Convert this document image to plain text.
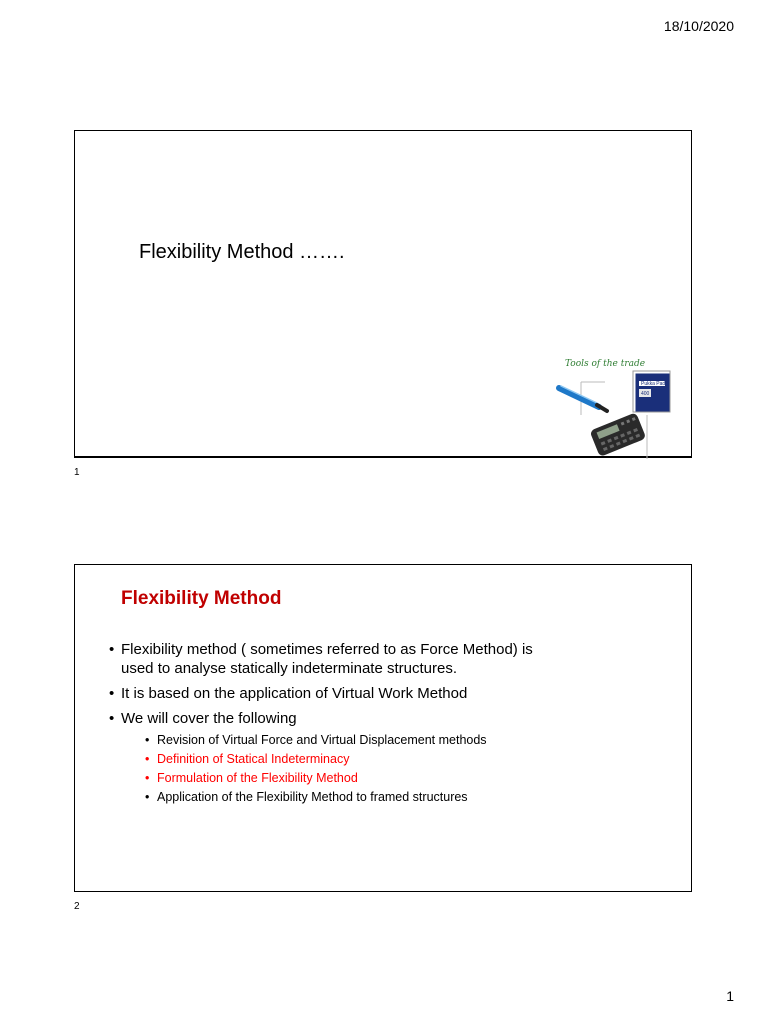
18/10/2020
Flexibility Method …….
Tools of the trade
Pukka Pad
400
1
Flexibility Method
• Flexibility method ( sometimes referred to as Force Method) is used to analyse statically indeterminate structures.
• It is based on the application of Virtual Work Method
• We will cover the following
• Revision of Virtual Force and Virtual Displacement methods
• Definition of Statical Indeterminacy
• Formulation of the Flexibility Method
• Application of the Flexibility Method to framed structures
2
1
